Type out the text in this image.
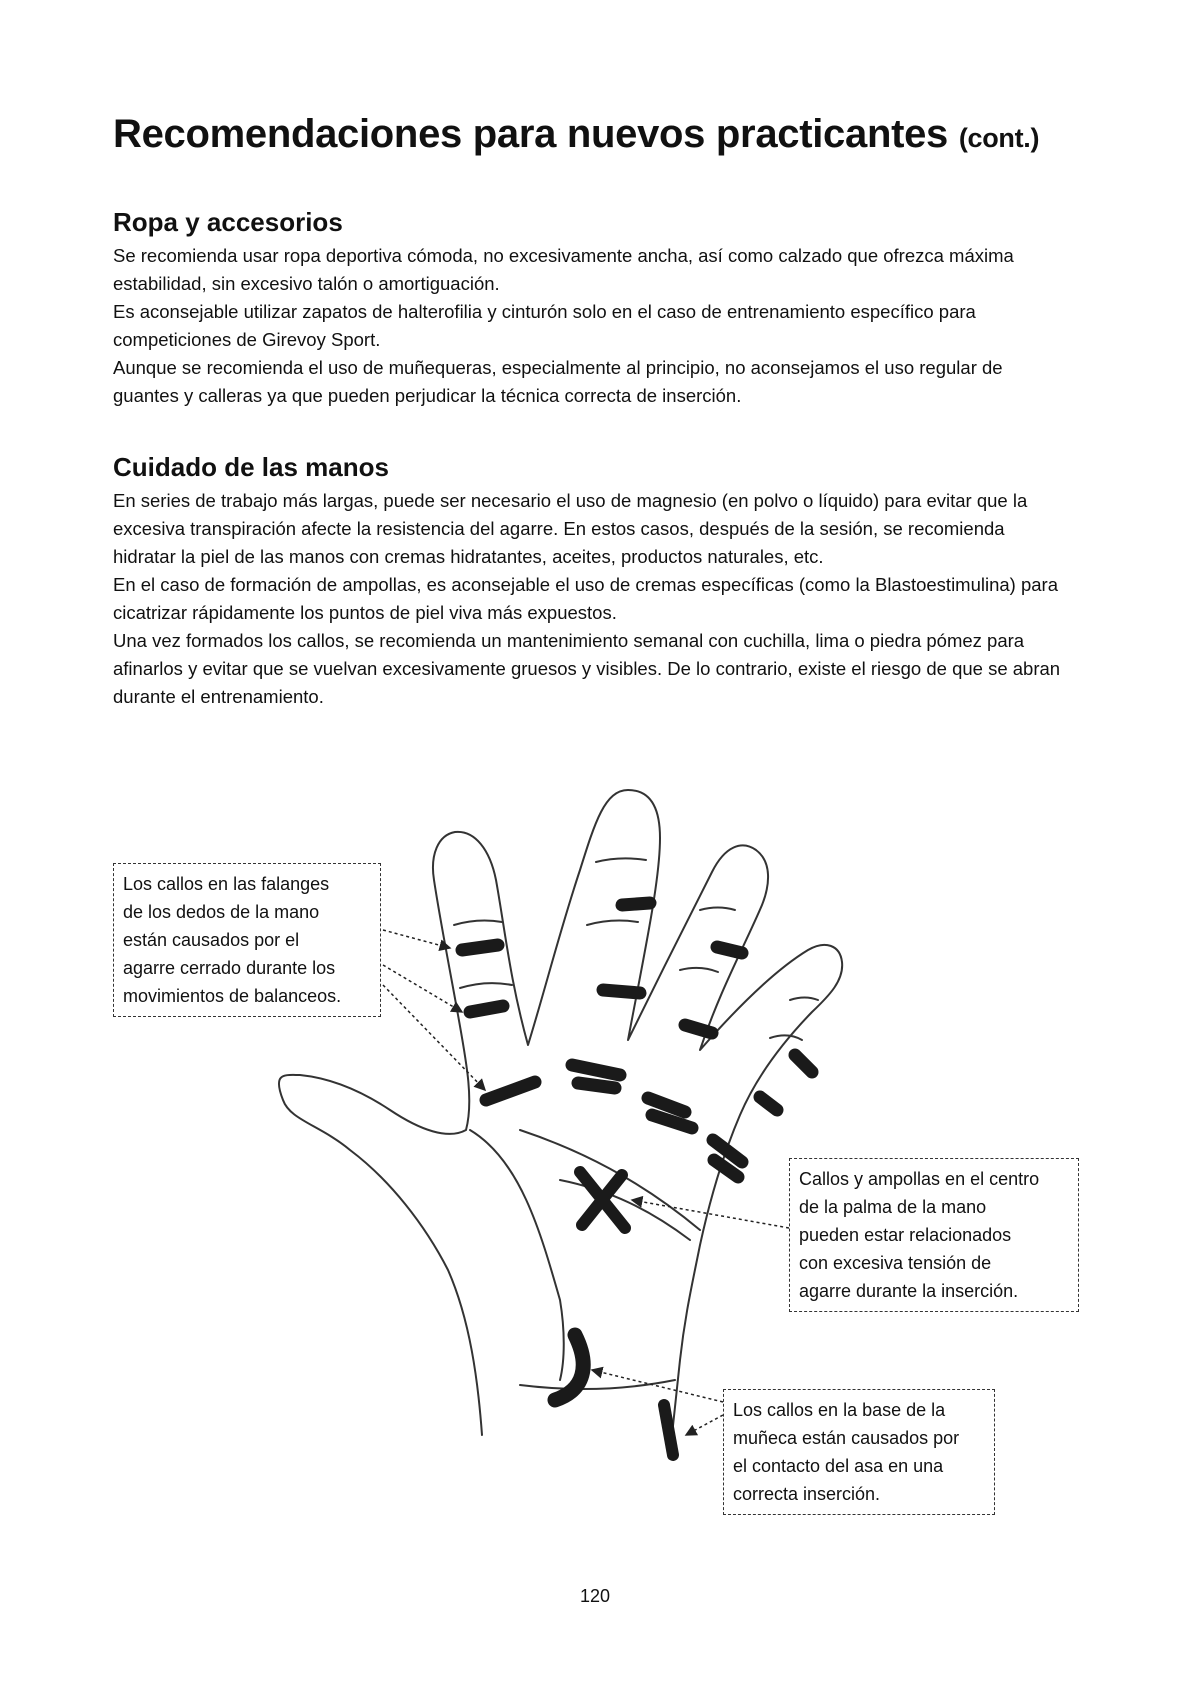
Recomendaciones para nuevos practicantes (cont.)
Ropa y accesorios

Se recomienda usar ropa deportiva cómoda, no excesivamente ancha, así como calzado que ofrezca máxima estabilidad, sin excesivo talón o amortiguación.

Es aconsejable utilizar zapatos de halterofilia y cinturón solo en el caso de entrenamiento específico para competiciones de Girevoy Sport.

Aunque se recomienda el uso de muñequeras, especialmente al principio, no aconsejamos el uso regular de guantes y calleras ya que pueden perjudicar la técnica correcta de inserción.

Cuidado de las manos

En series de trabajo más largas, puede ser necesario el uso de magnesio (en polvo o líquido) para evitar que la excesiva transpiración afecte la resistencia del agarre. En estos casos, después de la sesión, se recomienda hidratar la piel de las manos con cremas hidratantes, aceites, productos naturales, etc.

En el caso de formación de ampollas, es aconsejable el uso de cremas específicas (como la Blastoestimulina) para cicatrizar rápidamente los puntos de piel viva más expuestos.

Una vez formados los callos, se recomienda un mantenimiento semanal con cuchilla, lima o piedra pómez para afinarlos y evitar que se vuelvan excesivamente gruesos y visibles. De lo contrario, existe el riesgo de que se abran durante el entrenamiento.

Los callos en las falanges
de los dedos de la mano
están causados por el
agarre cerrado durante los
movimientos de balanceos.
Callos y ampollas en el centro
de la palma de la mano
pueden estar relacionados
con excesiva tensión de
agarre durante la inserción.
Los callos en la base de la
muñeca están causados por
el contacto del asa en una
correcta inserción.
120
